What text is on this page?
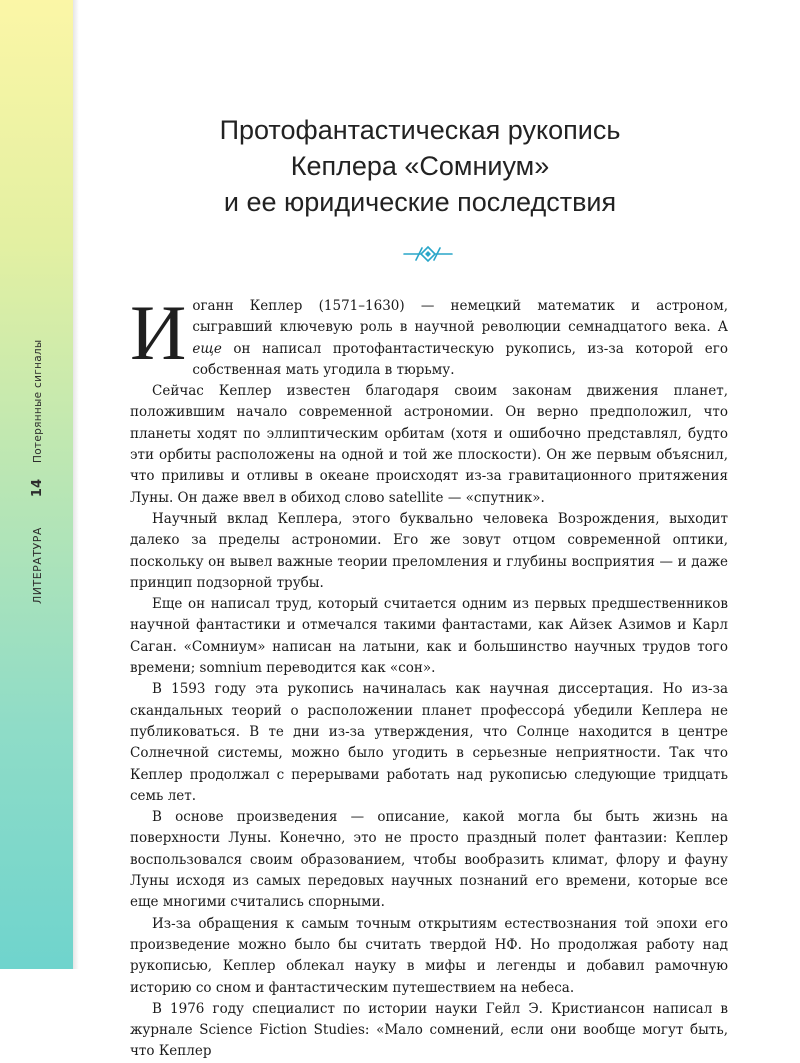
ЛИТЕРАТУРА
14
Потерянные сигналы
Протофантастическая рукопись
Кеплера «Сомниум»
и ее юридические последствия

Иоганн Кеплер (1571–1630) — немецкий математик и астроном, сыгравший ключевую роль в научной революции семнадцатого века. А еще он написал протофантастическую рукопись, из-за которой его собственная мать угодила в тюрьму.

Сейчас Кеплер известен благодаря своим законам движения планет, положившим начало современной астрономии. Он верно предположил, что планеты ходят по эллиптическим орбитам (хотя и ошибочно представлял, будто эти орбиты расположены на одной и той же плоскости). Он же первым объяснил, что приливы и отливы в океане происходят из-за гравитационного притяжения Луны. Он даже ввел в обиход слово satellite — «спутник».

Научный вклад Кеплера, этого буквально человека Возрождения, выходит далеко за пределы астрономии. Его же зовут отцом современной оптики, поскольку он вывел важные теории преломления и глубины восприятия — и даже принцип подзорной трубы.

Еще он написал труд, который считается одним из первых предшественников научной фантастики и отмечался такими фантастами, как Айзек Азимов и Карл Саган. «Сомниум» написан на латыни, как и большинство научных трудов того времени; somnium переводится как «сон».

В 1593 году эта рукопись начиналась как научная диссертация. Но из-за скандальных теорий о расположении планет профессора́ убедили Кеплера не публиковаться. В те дни из-за утверждения, что Солнце находится в центре Солнечной системы, можно было угодить в серьезные неприятности. Так что Кеплер продолжал с перерывами работать над рукописью следующие тридцать семь лет.

В основе произведения — описание, какой могла бы быть жизнь на поверхности Луны. Конечно, это не просто праздный полет фантазии: Кеплер воспользовался своим образованием, чтобы вообразить климат, флору и фауну Луны исходя из самых передовых научных познаний его времени, которые все еще многими считались спорными.

Из-за обращения к самым точным открытиям естествознания той эпохи его произведение можно было бы считать твердой НФ. Но продолжая работу над рукописью, Кеплер облекал науку в мифы и легенды и добавил рамочную историю со сном и фантастическим путешествием на небеса.

В 1976 году специалист по истории науки Гейл Э. Кристиансон написал в журнале Science Fiction Studies: «Мало сомнений, если они вообще могут быть, что Кеплер
